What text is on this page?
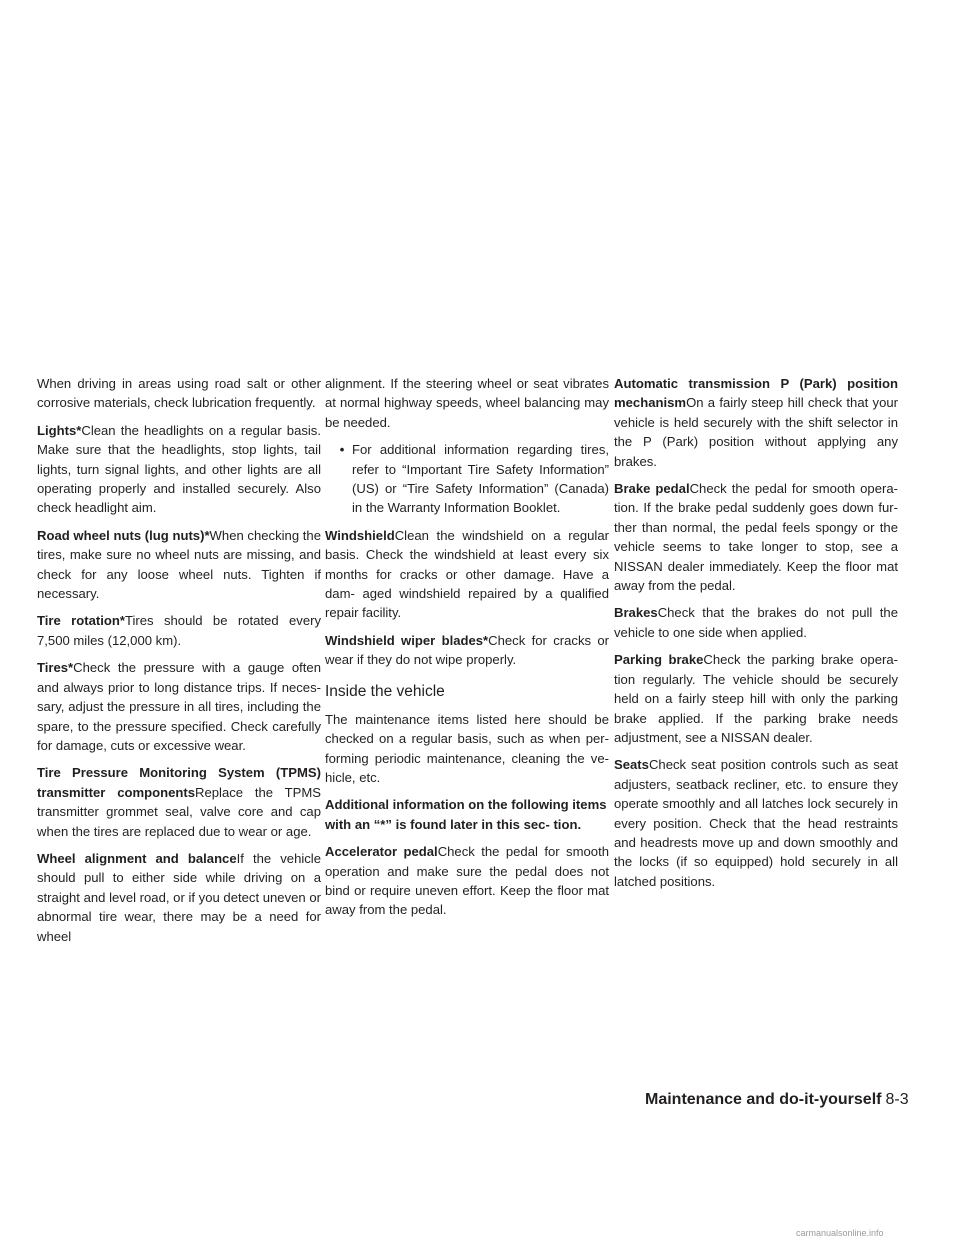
When driving in areas using road salt or other corrosive materials, check lubrication frequently.

Lights*Clean the headlights on a regular basis. Make sure that the headlights, stop lights, tail lights, turn signal lights, and other lights are all operating properly and installed securely. Also check headlight aim.

Road wheel nuts (lug nuts)*When checking the tires, make sure no wheel nuts are missing, and check for any loose wheel nuts. Tighten if necessary.

Tire rotation*Tires should be rotated every 7,500 miles (12,000 km).

Tires*Check the pressure with a gauge often and always prior to long distance trips. If neces- sary, adjust the pressure in all tires, including the spare, to the pressure specified. Check carefully for damage, cuts or excessive wear.

Tire Pressure Monitoring System (TPMS) transmitter componentsReplace the TPMS transmitter grommet seal, valve core and cap when the tires are replaced due to wear or age.

Wheel alignment and balanceIf the vehicle should pull to either side while driving on a straight and level road, or if you detect uneven or abnormal tire wear, there may be a need for wheel

alignment. If the steering wheel or seat vibrates at normal highway speeds, wheel balancing may be needed.

• For additional information regarding tires, refer to “Important Tire Safety Information” (US) or “Tire Safety Information” (Canada) in the Warranty Information Booklet.

WindshieldClean the windshield on a regular basis. Check the windshield at least every six months for cracks or other damage. Have a dam- aged windshield repaired by a qualified repair facility.

Windshield wiper blades*Check for cracks or wear if they do not wipe properly.

Inside the vehicle

The maintenance items listed here should be checked on a regular basis, such as when per- forming periodic maintenance, cleaning the ve- hicle, etc.

Additional information on the following items with an “*” is found later in this sec- tion.

Accelerator pedalCheck the pedal for smooth operation and make sure the pedal does not bind or require uneven effort. Keep the floor mat away from the pedal.

Automatic transmission P (Park) position mechanismOn a fairly steep hill check that your vehicle is held securely with the shift selector in the P (Park) position without applying any brakes.

Brake pedalCheck the pedal for smooth opera- tion. If the brake pedal suddenly goes down fur- ther than normal, the pedal feels spongy or the vehicle seems to take longer to stop, see a NISSAN dealer immediately. Keep the floor mat away from the pedal.

BrakesCheck that the brakes do not pull the vehicle to one side when applied.

Parking brakeCheck the parking brake opera- tion regularly. The vehicle should be securely held on a fairly steep hill with only the parking brake applied. If the parking brake needs adjustment, see a NISSAN dealer.

SeatsCheck seat position controls such as seat adjusters, seatback recliner, etc. to ensure they operate smoothly and all latches lock securely in every position. Check that the head restraints and headrests move up and down smoothly and the locks (if so equipped) hold securely in all latched positions.

Maintenance and do-it-yourself 8-3
carmanualsonline.info
